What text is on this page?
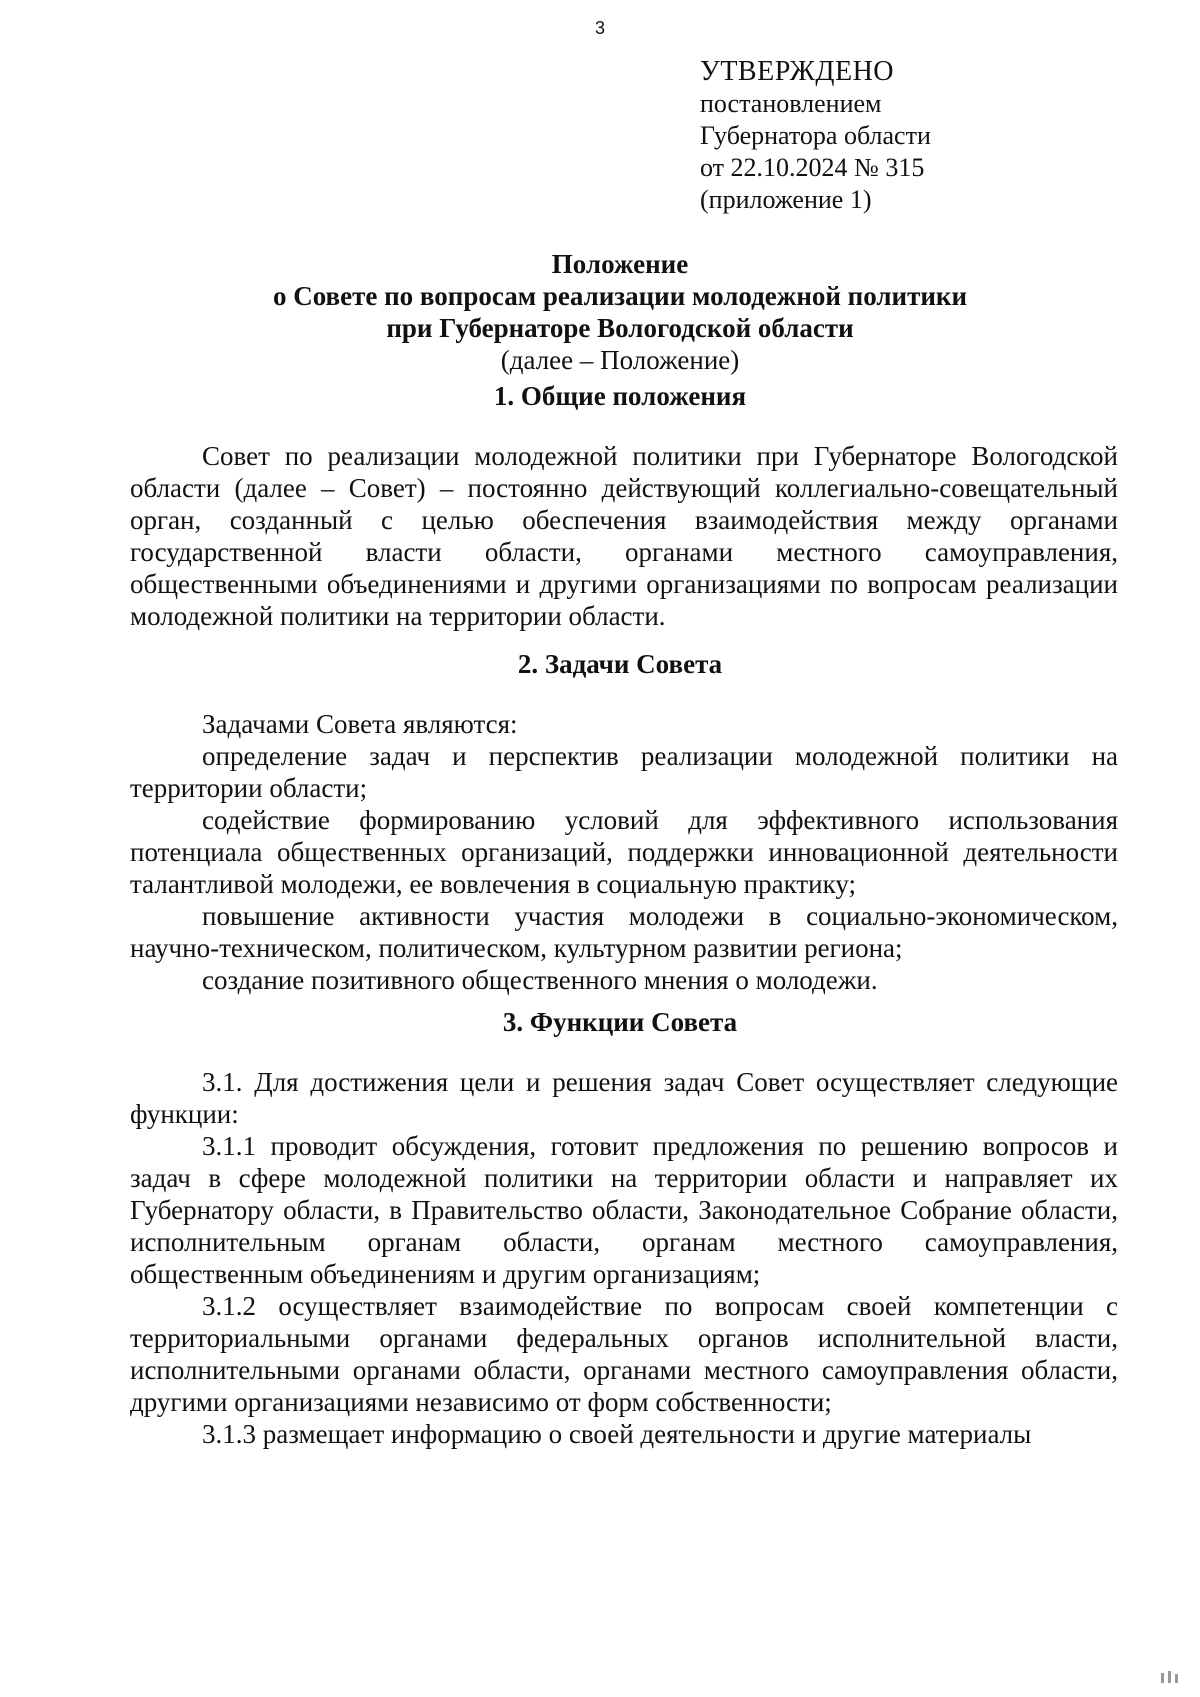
3
УТВЕРЖДЕНО
постановлением
Губернатора области
от 22.10.2024 № 315
(приложение 1)
Положение
о Совете по вопросам реализации молодежной политики
при Губернаторе Вологодской области
(далее – Положение)
1. Общие положения

Совет по реализации молодежной политики при Губернаторе Вологодской области (далее – Совет) – постоянно действующий коллегиально-совещательный орган, созданный с целью обеспечения взаимодействия между органами государственной власти области, органами местного самоуправления, общественными объединениями и другими организациями по вопросам реализации молодежной политики на территории области.

2. Задачи Совета

Задачами Совета являются:

определение задач и перспектив реализации молодежной политики на территории области;

содействие формированию условий для эффективного использования потенциала общественных организаций, поддержки инновационной деятельности талантливой молодежи, ее вовлечения в социальную практику;

повышение активности участия молодежи в социально-экономическом, научно-техническом, политическом, культурном развитии региона;

создание позитивного общественного мнения о молодежи.

3. Функции Совета

3.1. Для достижения цели и решения задач Совет осуществляет следующие функции:

3.1.1 проводит обсуждения, готовит предложения по решению вопросов и задач в сфере молодежной политики на территории области и направляет их Губернатору области, в Правительство области, Законодательное Собрание области, исполнительным органам области, органам местного самоуправления, общественным объединениям и другим организациям;

3.1.2 осуществляет взаимодействие по вопросам своей компетенции с территориальными органами федеральных органов исполнительной власти, исполнительными органами области, органами местного самоуправления области, другими организациями независимо от форм собственности;

3.1.3 размещает информацию о своей деятельности и другие материалы
